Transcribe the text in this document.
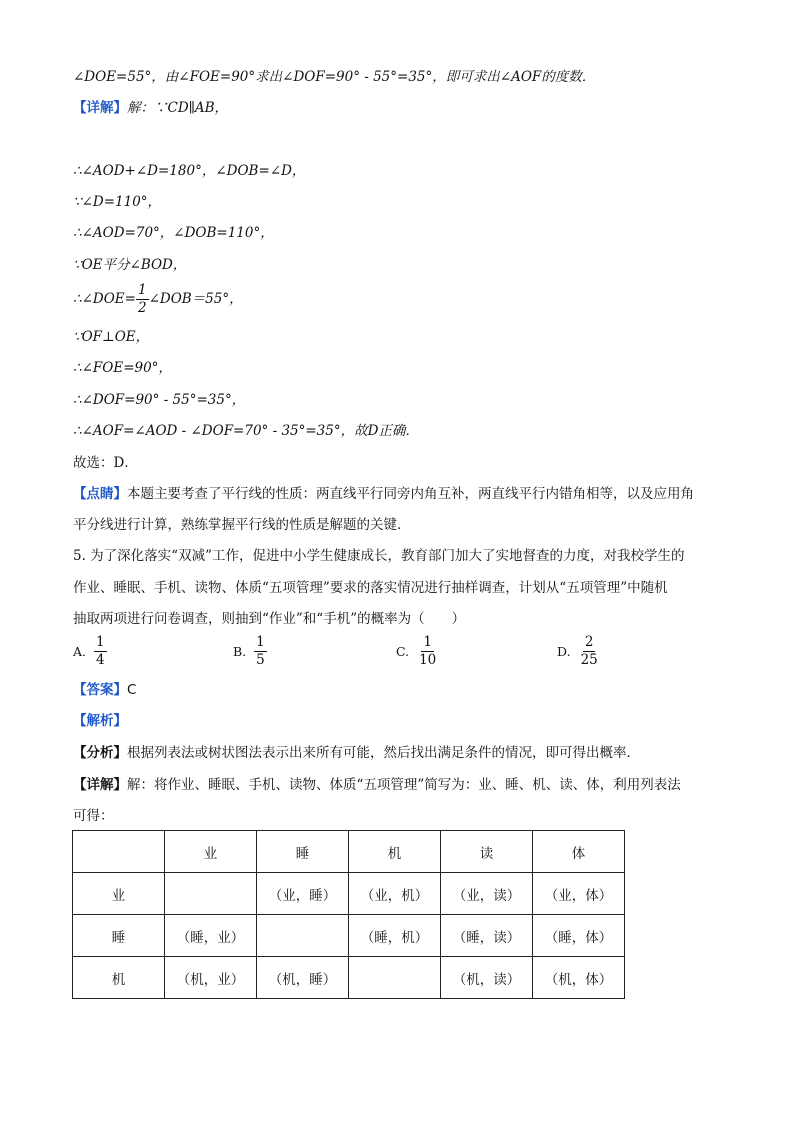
∠DOE=55°，由∠FOE=90°求出∠DOF=90° - 55°=35°，即可求出∠AOF的度数．
【详解】解：∵CD∥AB，
∴∠AOD+∠D=180°，∠DOB=∠D，
∵∠D=110°，
∴∠AOD=70°，∠DOB=110°，
∵OE平分∠BOD，
∴∠DOE= $\frac{1}{2}$ ∠DOB＝55°，
∵OF⊥OE，
∴∠FOE=90°，
∴∠DOF=90° - 55°=35°，
∴∠AOF=∠AOD - ∠DOF=70° - 35°=35°，故D正确．
故选：D．
【点睛】本题主要考查了平行线的性质：两直线平行同旁内角互补，两直线平行内错角相等，以及应用角
平分线进行计算，熟练掌握平行线的性质是解题的关键．
5. 为了深化落实“双减”工作，促进中小学生健康成长，教育部门加大了实地督查的力度，对我校学生的
作业、睡眠、手机、读物、体质“五项管理”要求的落实情况进行抽样调查，计划从“五项管理”中随机
抽取两项进行问卷调查，则抽到“作业”和“手机”的概率为（　　）
A. $\frac{1}{4}$	B. $\frac{1}{5}$	C. $\frac{1}{10}$	D. $\frac{2}{25}$
【答案】C
【解析】
【分析】根据列表法或树状图法表示出来所有可能，然后找出满足条件的情况，即可得出概率．
【详解】解：将作业、睡眠、手机、读物、体质“五项管理”简写为：业、睡、机、读、体，利用列表法
可得：
	业	睡	机	读	体
业		（业，睡）	（业，机）	（业，读）	（业，体）
睡	（睡，业）		（睡，机）	（睡，读）	（睡，体）
机	（机，业）	（机，睡）		（机，读）	（机，体）
